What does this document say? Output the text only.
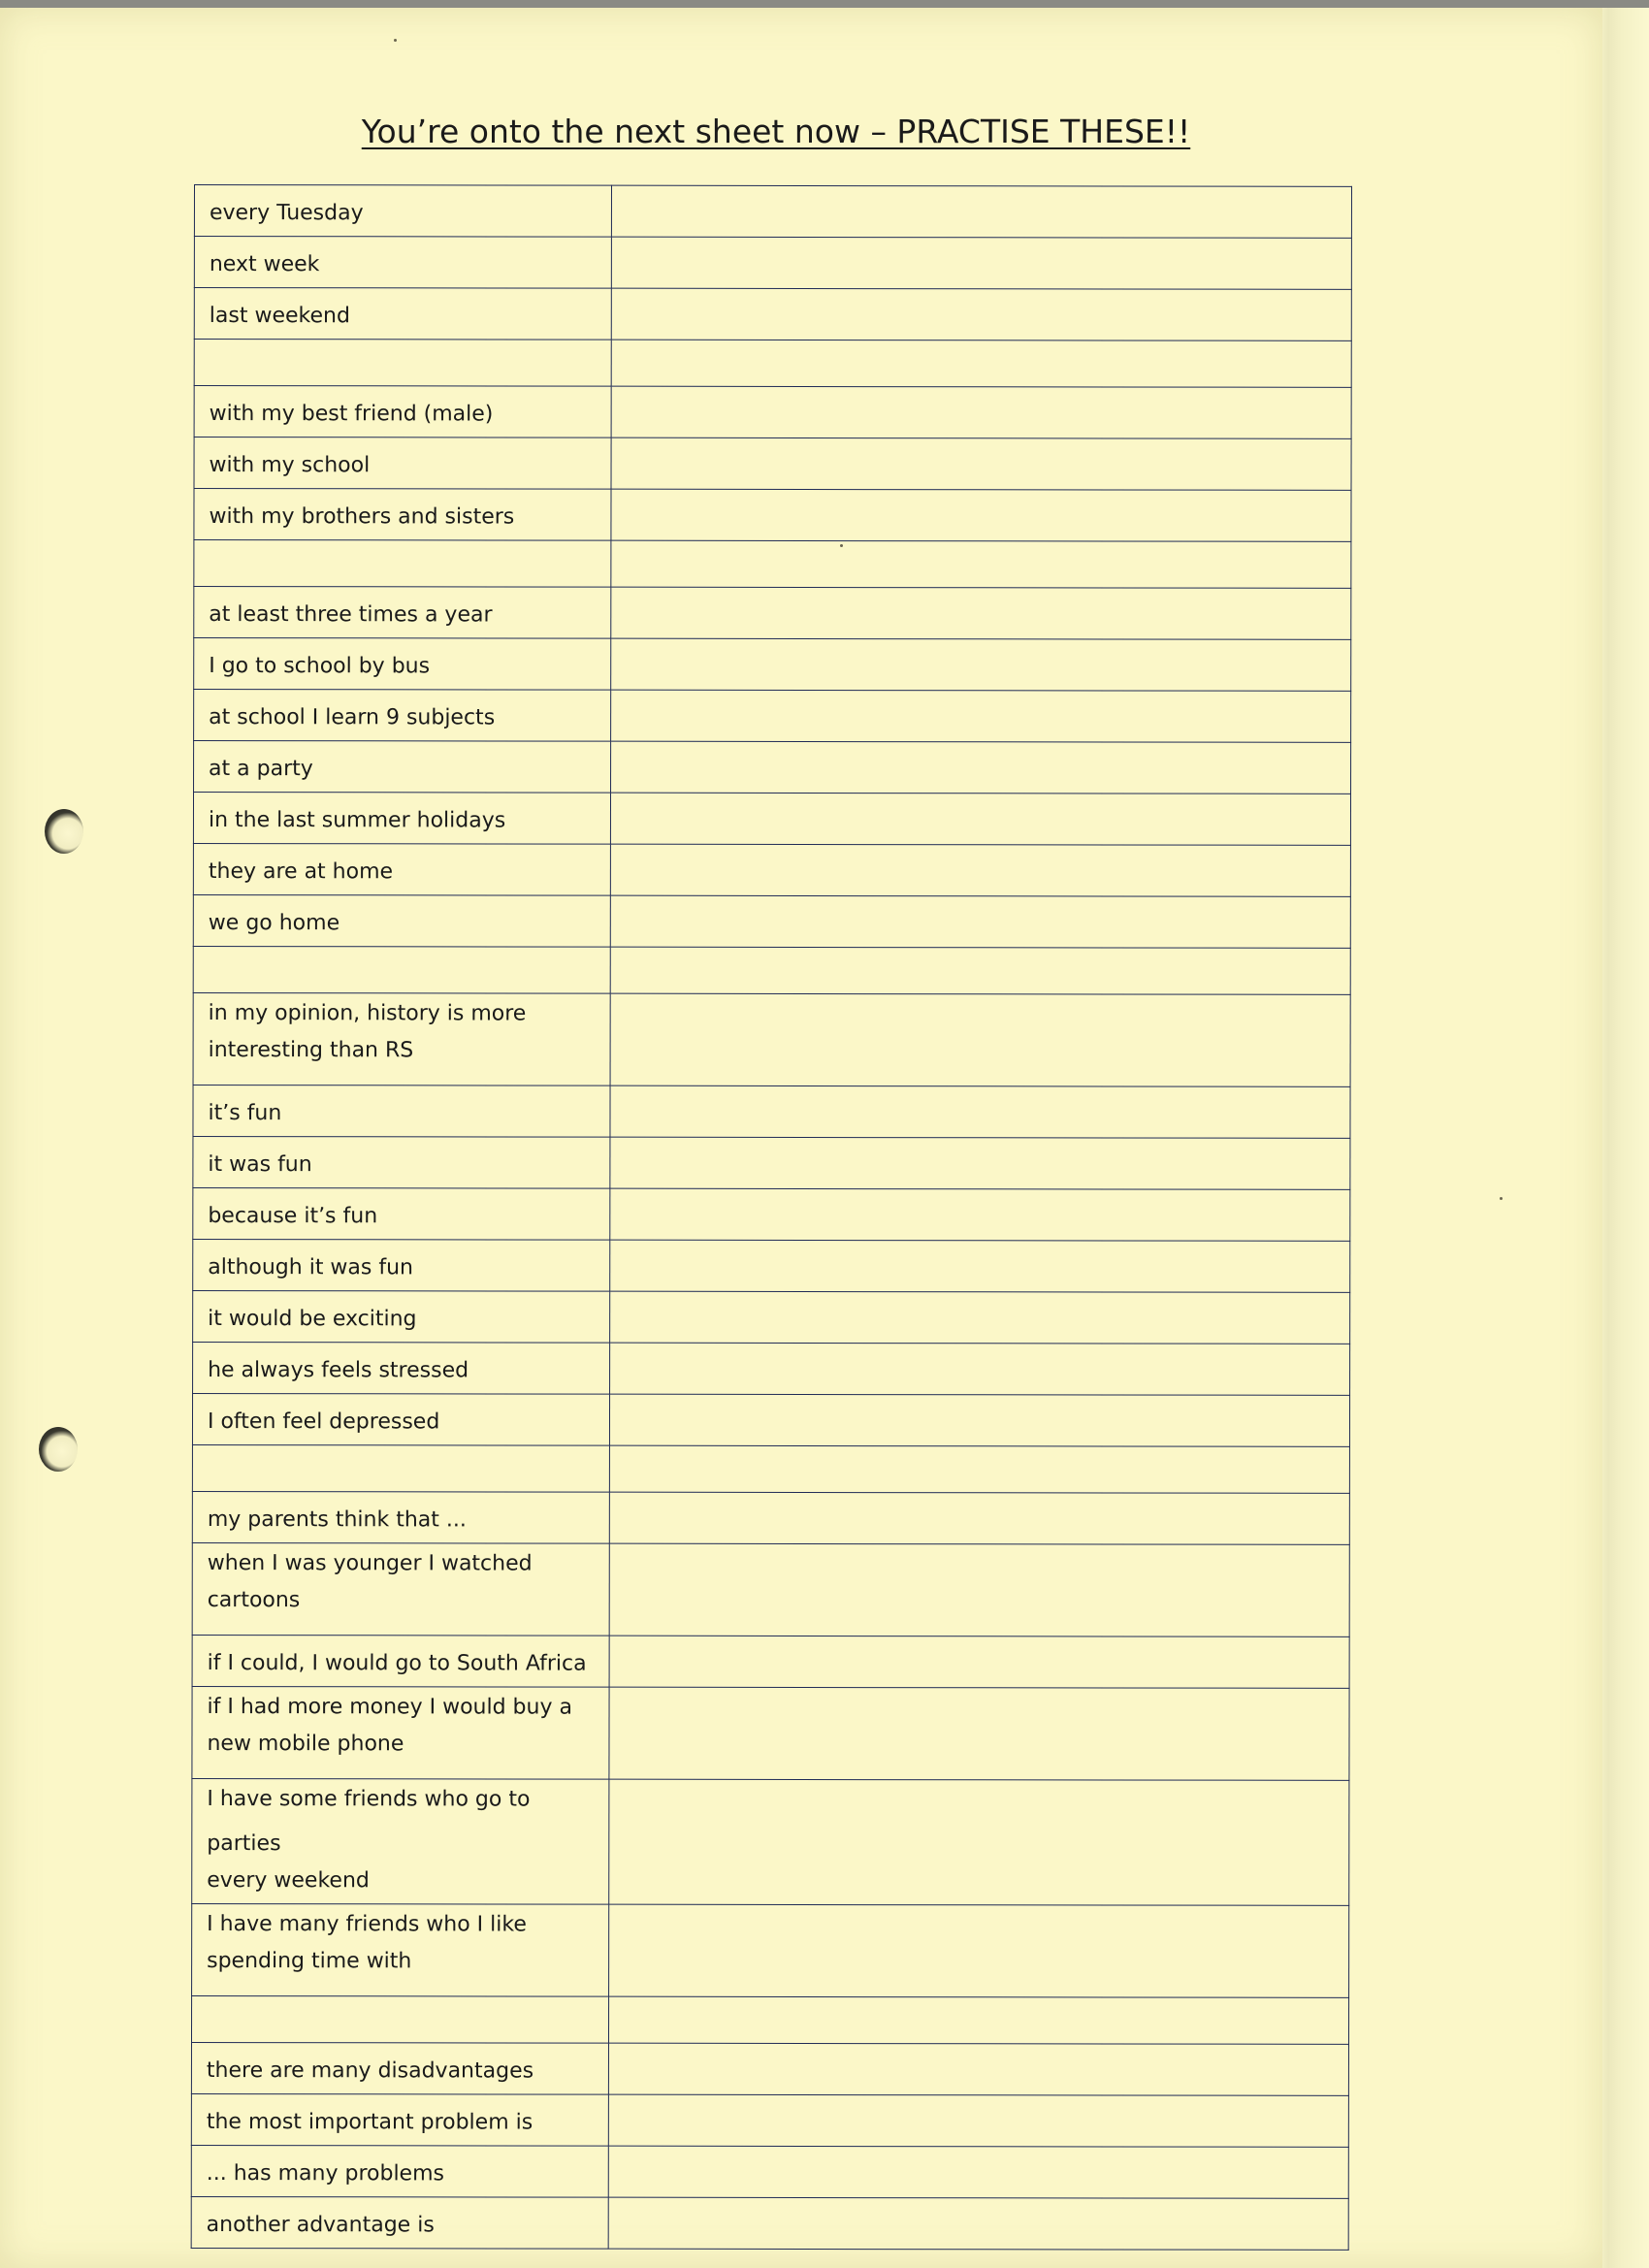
You’re onto the next sheet now – PRACTISE THESE!!
every Tuesday	
next week	
last weekend	

with my best friend (male)	
with my school	
with my brothers and sisters	

at least three times a year	
I go to school by bus	
at school I learn 9 subjects	
at a party	
in the last summer holidays	
they are at home	
we go home	

in my opinion, history is more
interesting than RS	

it’s fun	
it was fun	
because it’s fun	
although it was fun	
it would be exciting	
he always feels stressed	
I often feel depressed	

my parents think that ...	

when I was younger I watched
cartoons	

if I could, I would go to South Africa	

if I had more money I would buy a
new mobile phone	

I have some friends who go to parties
every weekend	

I have many friends who I like
spending time with	

there are many disadvantages	
the most important problem is	
... has many problems	
another advantage is	
